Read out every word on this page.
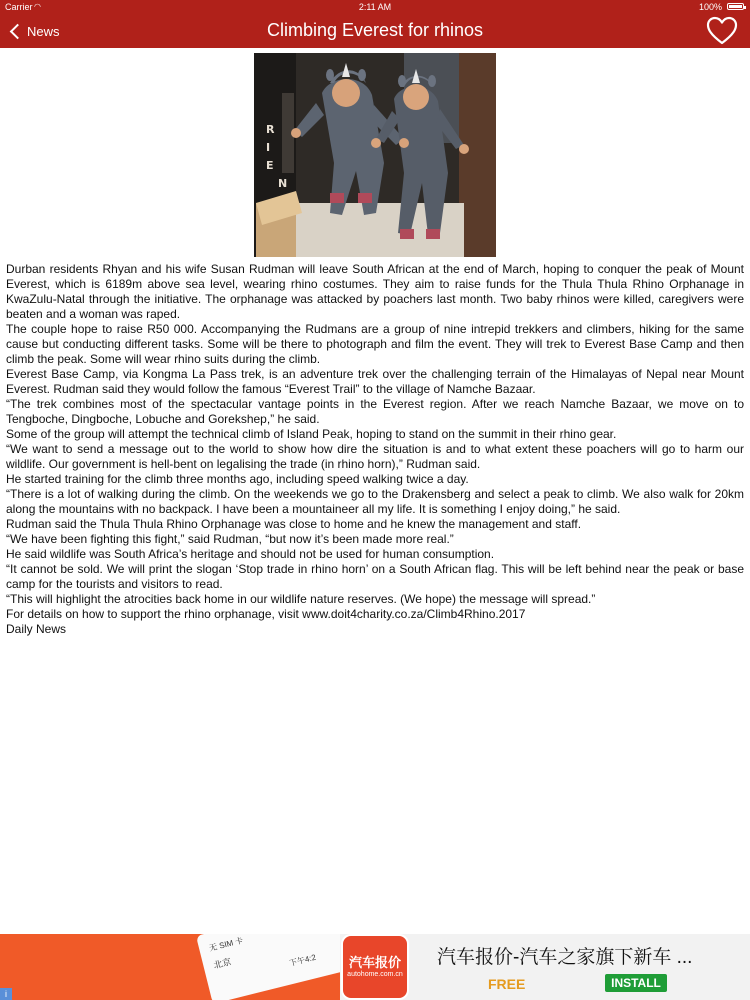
Carrier ◠	2:11 AM	100%
News	Climbing Everest for rhinos
R
I
E
N

Durban residents Rhyan and his wife Susan Rudman will leave South African at the end of March, hoping to conquer the peak of Mount Everest, which is 6189m above sea level, wearing rhino costumes. They aim to raise funds for the Thula Thula Rhino Orphanage in KwaZulu-Natal through the initiative. The orphanage was attacked by poachers last month. Two baby rhinos were killed, caregivers were beaten and a woman was raped.

The couple hope to raise R50 000. Accompanying the Rudmans are a group of nine intrepid trekkers and climbers, hiking for the same cause but conducting different tasks. Some will be there to photograph and film the event. They will trek to Everest Base Camp and then climb the peak. Some will wear rhino suits during the climb.

Everest Base Camp, via Kongma La Pass trek, is an adventure trek over the challenging terrain of the Himalayas of Nepal near Mount Everest. Rudman said they would follow the famous “Everest Trail” to the village of Namche Bazaar.

“The trek combines most of the spectacular vantage points in the Everest region. After we reach Namche Bazaar, we move on to Tengboche, Dingboche, Lobuche and Gorekshep,” he said.

Some of the group will attempt the technical climb of Island Peak, hoping to stand on the summit in their rhino gear.

“We want to send a message out to the world to show how dire the situation is and to what extent these poachers will go to harm our wildlife. Our government is hell-bent on legalising the trade (in rhino horn),” Rudman said.

He started training for the climb three months ago, including speed walking twice a day.

“There is a lot of walking during the climb. On the weekends we go to the Drakensberg and select a peak to climb. We also walk for 20km along the mountains with no backpack. I have been a mountaineer all my life. It is something I enjoy doing,” he said.

Rudman said the Thula Thula Rhino Orphanage was close to home and he knew the management and staff.

“We have been fighting this fight,” said Rudman, “but now it’s been made more real.”

He said wildlife was South Africa’s heritage and should not be used for human consumption.

“It cannot be sold. We will print the slogan ‘Stop trade in rhino horn’ on a South African flag. This will be left behind near the peak or base camp for the tourists and visitors to read.

“This will highlight the atrocities back home in our wildlife nature reserves. (We hope) the message will spread.”

For details on how to support the rhino orphanage, visit www.doit4charity.co.za/Climb4Rhino.2017

Daily News

无 SIM 卡
北京	下午4:2	汽车报价
autohome.com.cn
汽车报价-汽车之家旗下新车 ...
FREE	INSTALL
i
